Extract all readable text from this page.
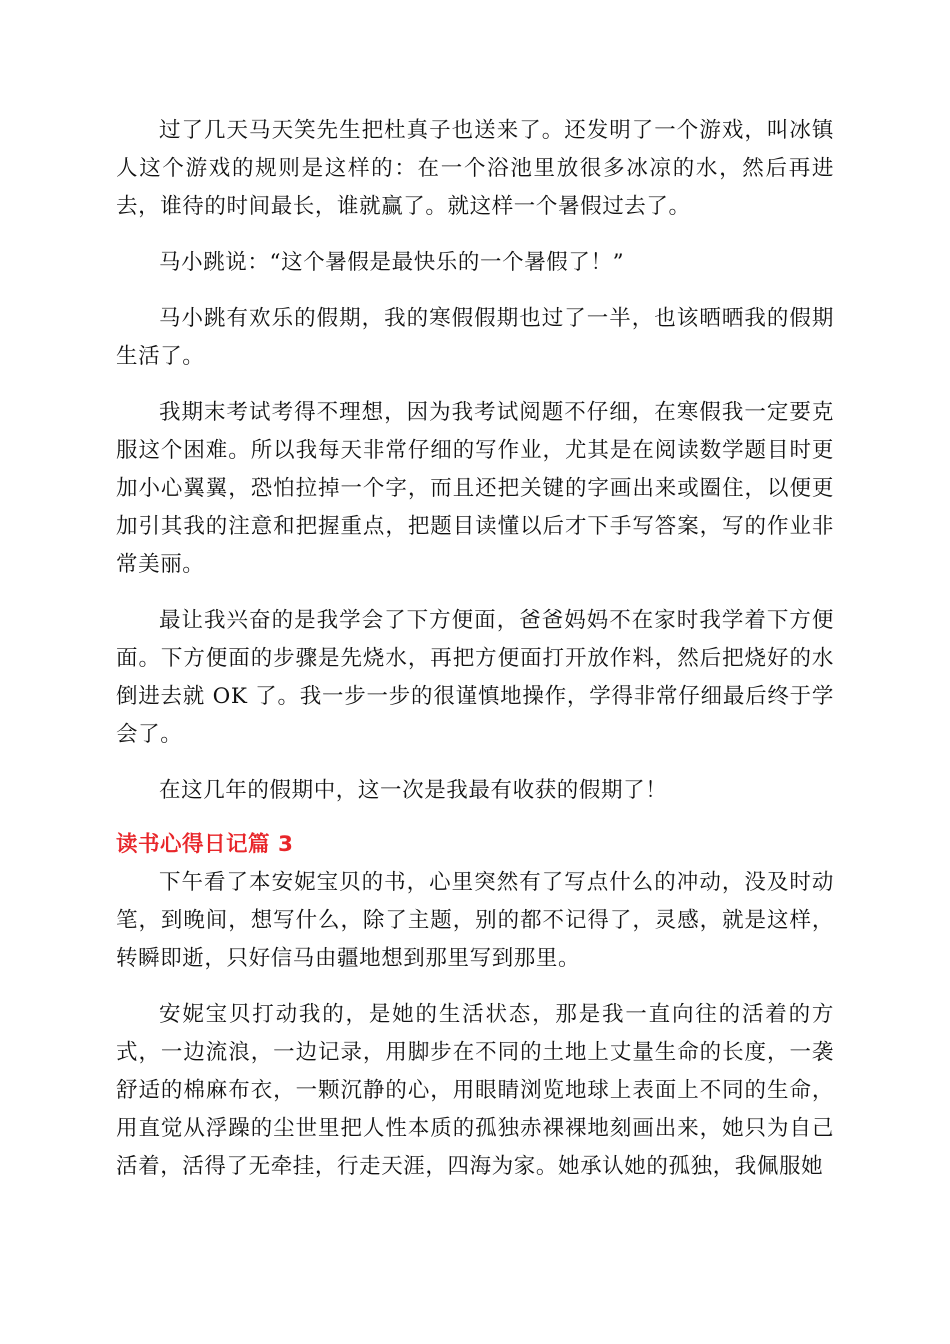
过了几天马天笑先生把杜真子也送来了。还发明了一个游戏，叫冰镇人这个游戏的规则是这样的：在一个浴池里放很多冰凉的水，然后再进去，谁待的时间最长，谁就赢了。就这样一个暑假过去了。

马小跳说：“这个暑假是最快乐的一个暑假了！”

马小跳有欢乐的假期，我的寒假假期也过了一半，也该晒晒我的假期生活了。

我期末考试考得不理想，因为我考试阅题不仔细，在寒假我一定要克服这个困难。所以我每天非常仔细的写作业，尤其是在阅读数学题目时更加小心翼翼，恐怕拉掉一个字，而且还把关键的字画出来或圈住，以便更加引其我的注意和把握重点，把题目读懂以后才下手写答案，写的作业非常美丽。

最让我兴奋的是我学会了下方便面，爸爸妈妈不在家时我学着下方便面。下方便面的步骤是先烧水，再把方便面打开放作料，然后把烧好的水倒进去就 OK 了。我一步一步的很谨慎地操作，学得非常仔细最后终于学会了。

在这几年的假期中，这一次是我最有收获的假期了！

读书心得日记篇 3

下午看了本安妮宝贝的书，心里突然有了写点什么的冲动，没及时动笔，到晚间，想写什么，除了主题，别的都不记得了，灵感，就是这样，转瞬即逝，只好信马由疆地想到那里写到那里。

安妮宝贝打动我的，是她的生活状态，那是我一直向往的活着的方式，一边流浪，一边记录，用脚步在不同的土地上丈量生命的长度，一袭舒适的棉麻布衣，一颗沉静的心，用眼睛浏览地球上表面上不同的生命，用直觉从浮躁的尘世里把人性本质的孤独赤裸裸地刻画出来，她只为自己活着，活得了无牵挂，行走天涯，四海为家。她承认她的孤独，我佩服她
